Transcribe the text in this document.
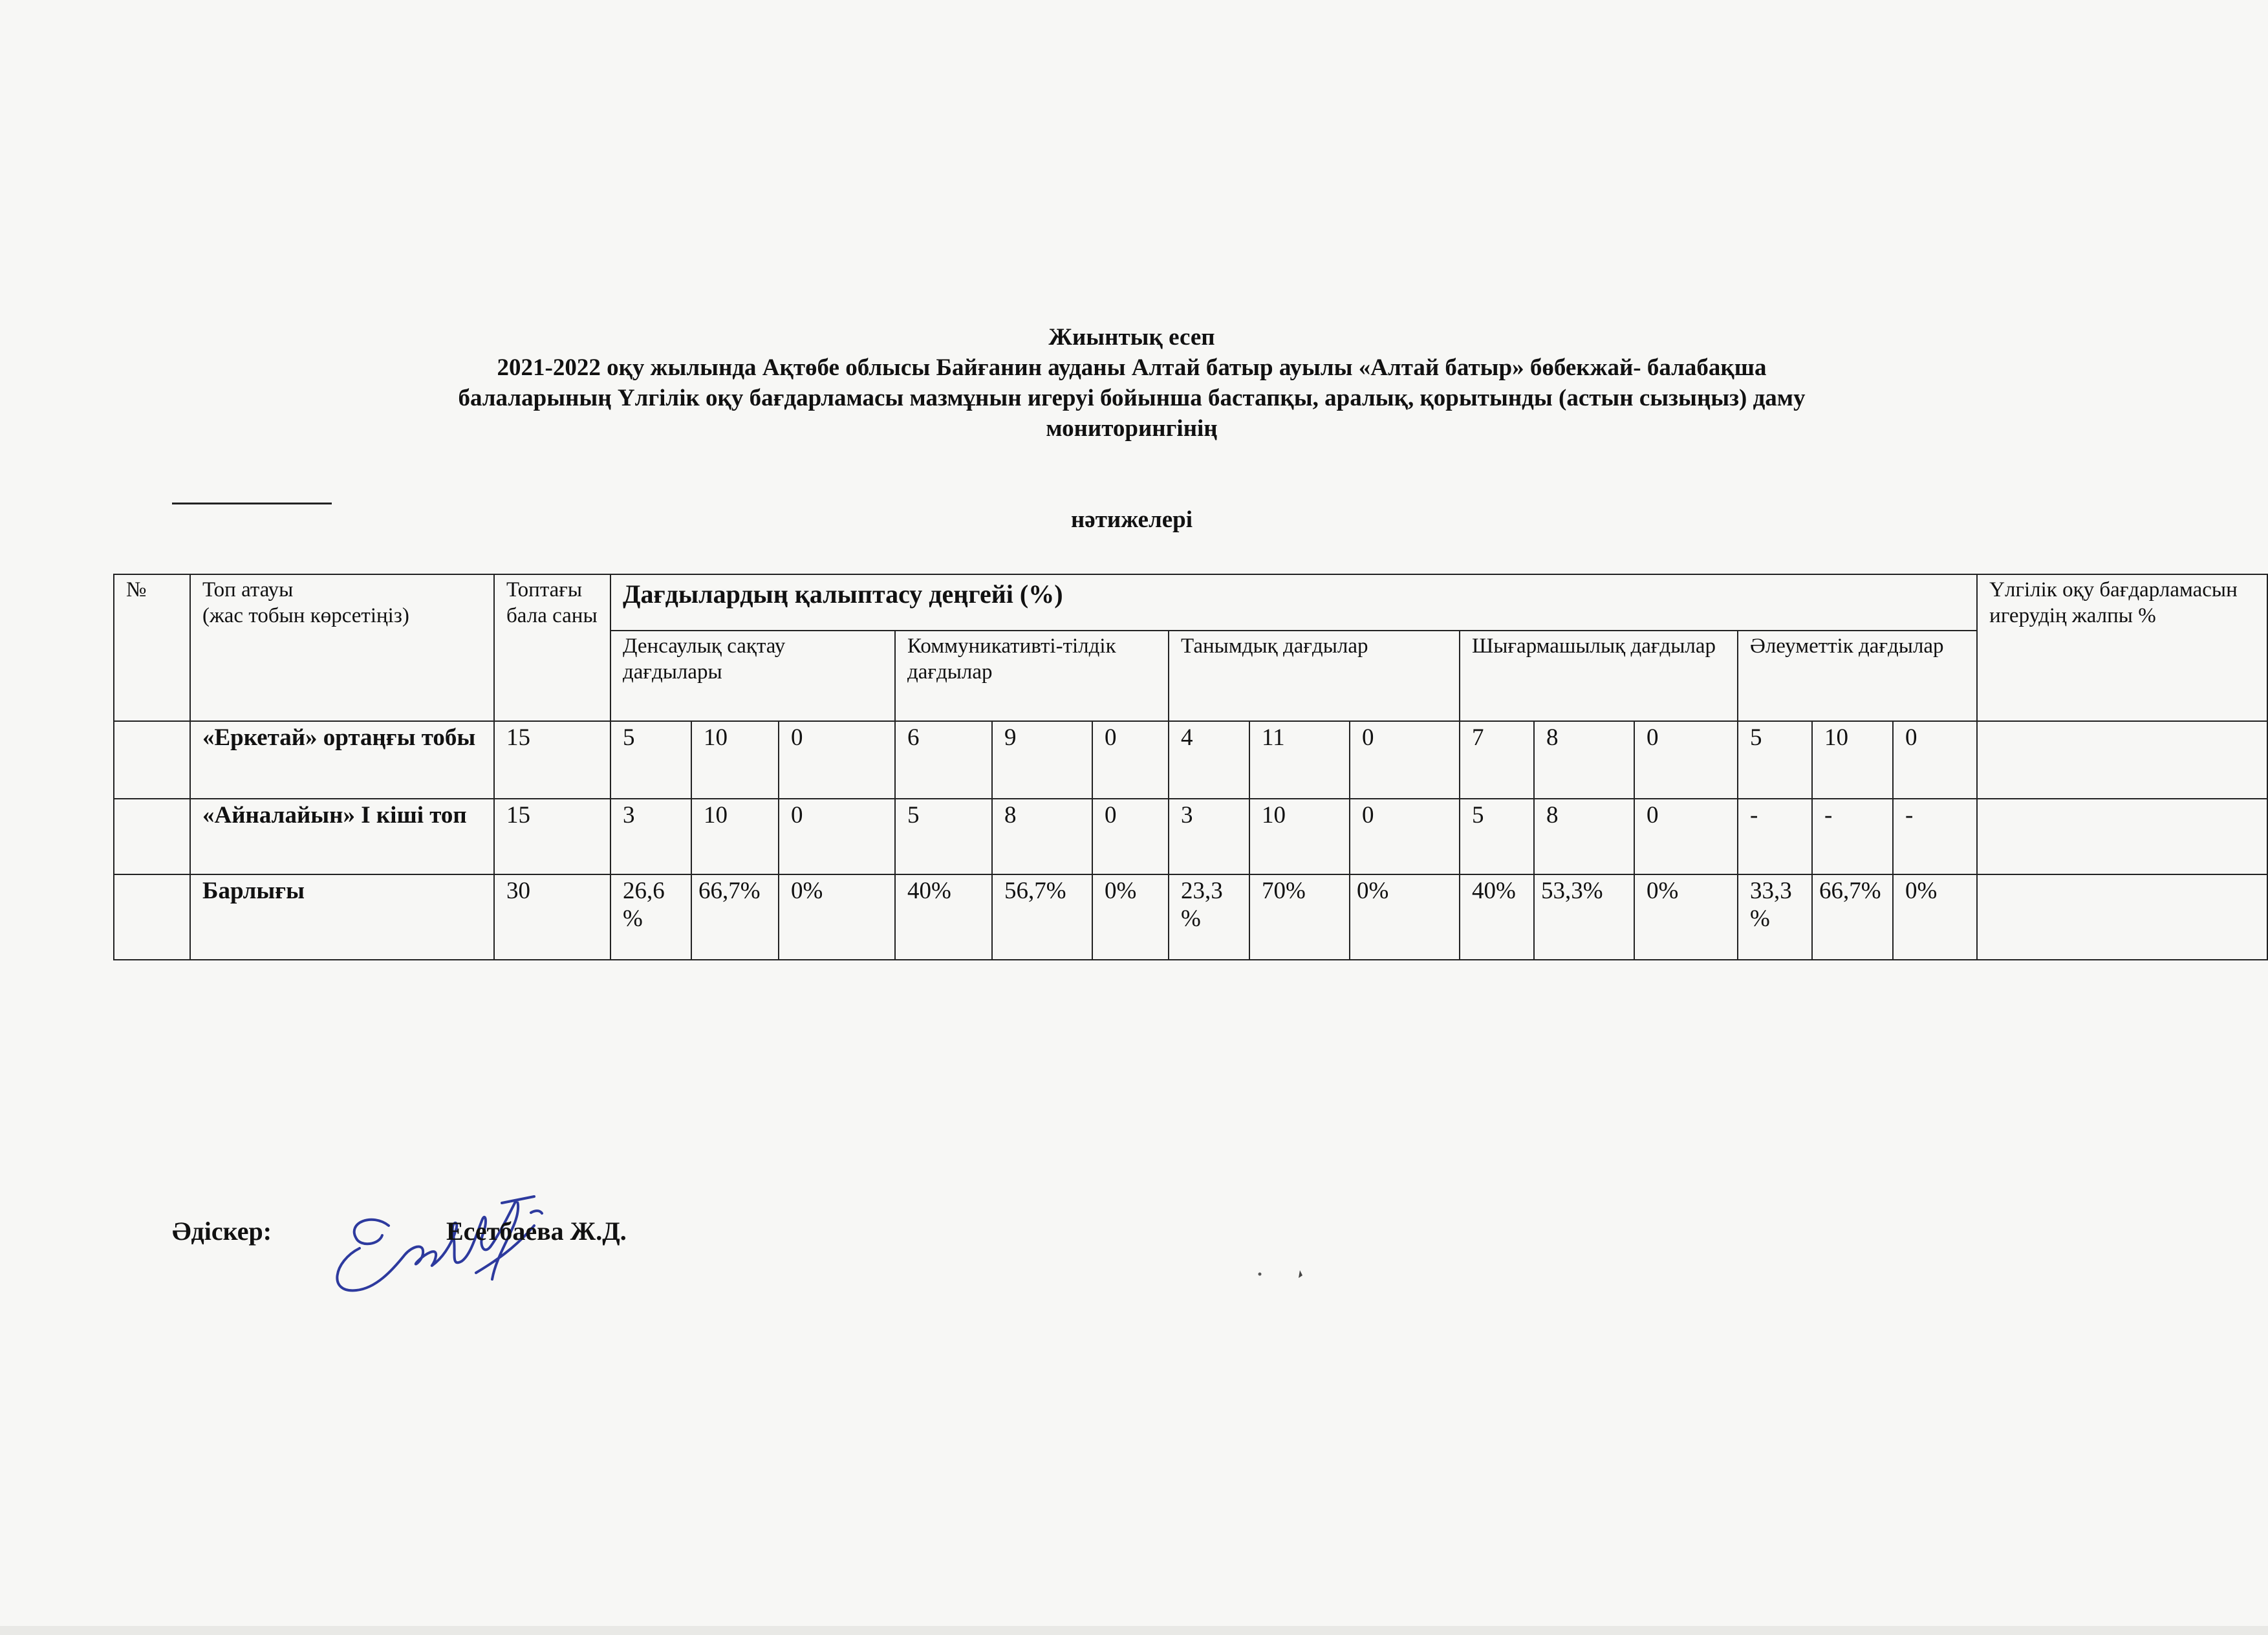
Жиынтық есеп
2021-2022 оқу жылында Ақтөбе облысы Байғанин ауданы Алтай батыр ауылы «Алтай батыр» бөбекжай- балабақша
балаларының Үлгілік оқу бағдарламасы мазмұнын игеруі бойынша бастапқы, аралық, қорытынды (астын сызыңыз) даму
мониторингінің
нәтижелері
№	Топ атауы
(жас тобын көрсетіңіз)	Топтағы бала саны	Дағдылардың қалыптасу деңгейі (%)															Үлгілік оқу бағдарламасын игерудің жалпы %
			Денсаулық сақтау дағдылары			Коммуникативті-тілдік дағдылар			Танымдық дағдылар			Шығармашылық дағдылар			Әлеуметтік дағдылар			
	«Еркетай» ортаңғы тобы	15	5	10	0	6	9	0	4	11	0	7	8	0	5	10	0	
	«Айналайын» І кіші топ	15	3	10	0	5	8	0	3	10	0	5	8	0	-	-	-	
	Барлығы	30	26,6%	66,7%	0%	40%	56,7%	0%	23,3%	70%	0%	40%	53,3%	0%	33,3%	66,7%	0%	
Әдіскер:	Есетбаева Ж.Д.
